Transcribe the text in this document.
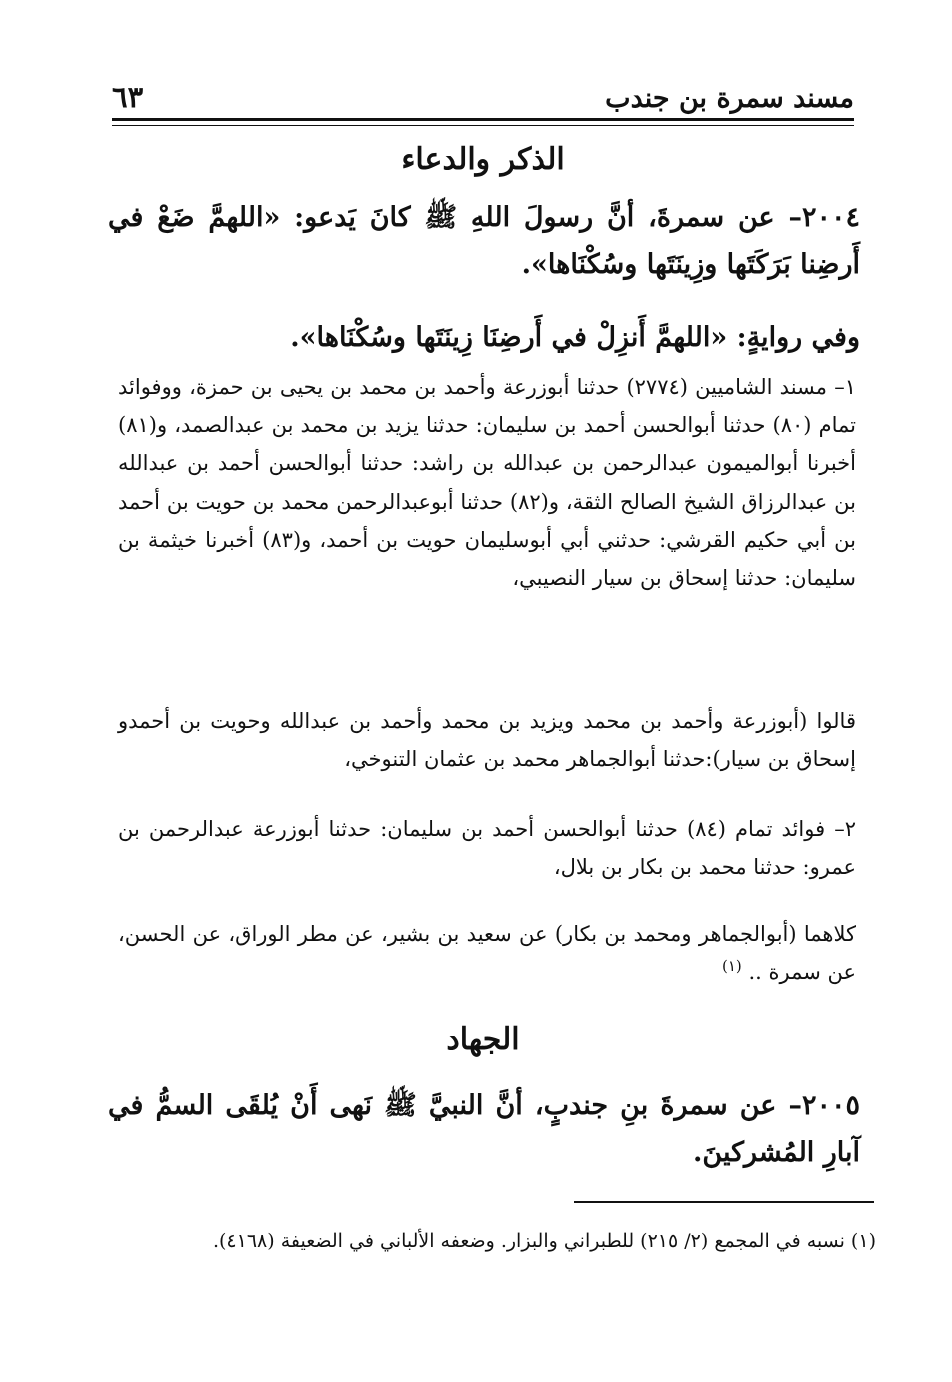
مسند سمرة بن جندب
٦٣
الذكر والدعاء

٢٠٠٤– عن سمرةَ، أنَّ رسولَ اللهِ ﷺ كانَ يَدعو: «اللهمَّ ضَعْ في أَرضِنا بَرَكَتَها وزِينَتَها وسُكْنَاها».

وفي روايةٍ: «اللهمَّ أَنزِلْ في أَرضِنَا زِينَتَها وسُكْنَاها».

١– مسند الشاميين (٢٧٧٤) حدثنا أبوزرعة وأحمد بن محمد بن يحيى بن حمزة، ووفوائد تمام (٨٠) حدثنا أبوالحسن أحمد بن سليمان: حدثنا يزيد بن محمد بن عبدالصمد، و(٨١) أخبرنا أبوالميمون عبدالرحمن بن عبدالله بن راشد: حدثنا أبوالحسن أحمد بن عبدالله بن عبدالرزاق الشيخ الصالح الثقة، و(٨٢) حدثنا أبوعبدالرحمن محمد بن حويت بن أحمد بن أبي حكيم القرشي: حدثني أبي أبوسليمان حويت بن أحمد، و(٨٣) أخبرنا خيثمة بن سليمان: حدثنا إسحاق بن سيار النصيبي،

قالوا (أبوزرعة وأحمد بن محمد ويزيد بن محمد وأحمد بن عبدالله وحويت بن أحمدو إسحاق بن سيار):حدثنا أبوالجماهر محمد بن عثمان التنوخي،

٢– فوائد تمام (٨٤) حدثنا أبوالحسن أحمد بن سليمان: حدثنا أبوزرعة عبدالرحمن بن عمرو: حدثنا محمد بن بكار بن بلال،

كلاهما (أبوالجماهر ومحمد بن بكار) عن سعيد بن بشير، عن مطر الوراق، عن الحسن، عن سمرة .. $^{(١)}$

الجهاد

٢٠٠٥– عن سمرةَ بنِ جندبٍ، أنَّ النبيَّ ﷺ نَهى أَنْ يُلقَى السمُّ في آبارِ المُشركينَ.

(١) نسبه في المجمع (٢/ ٢١٥) للطبراني والبزار. وضعفه الألباني في الضعيفة (٤١٦٨).
